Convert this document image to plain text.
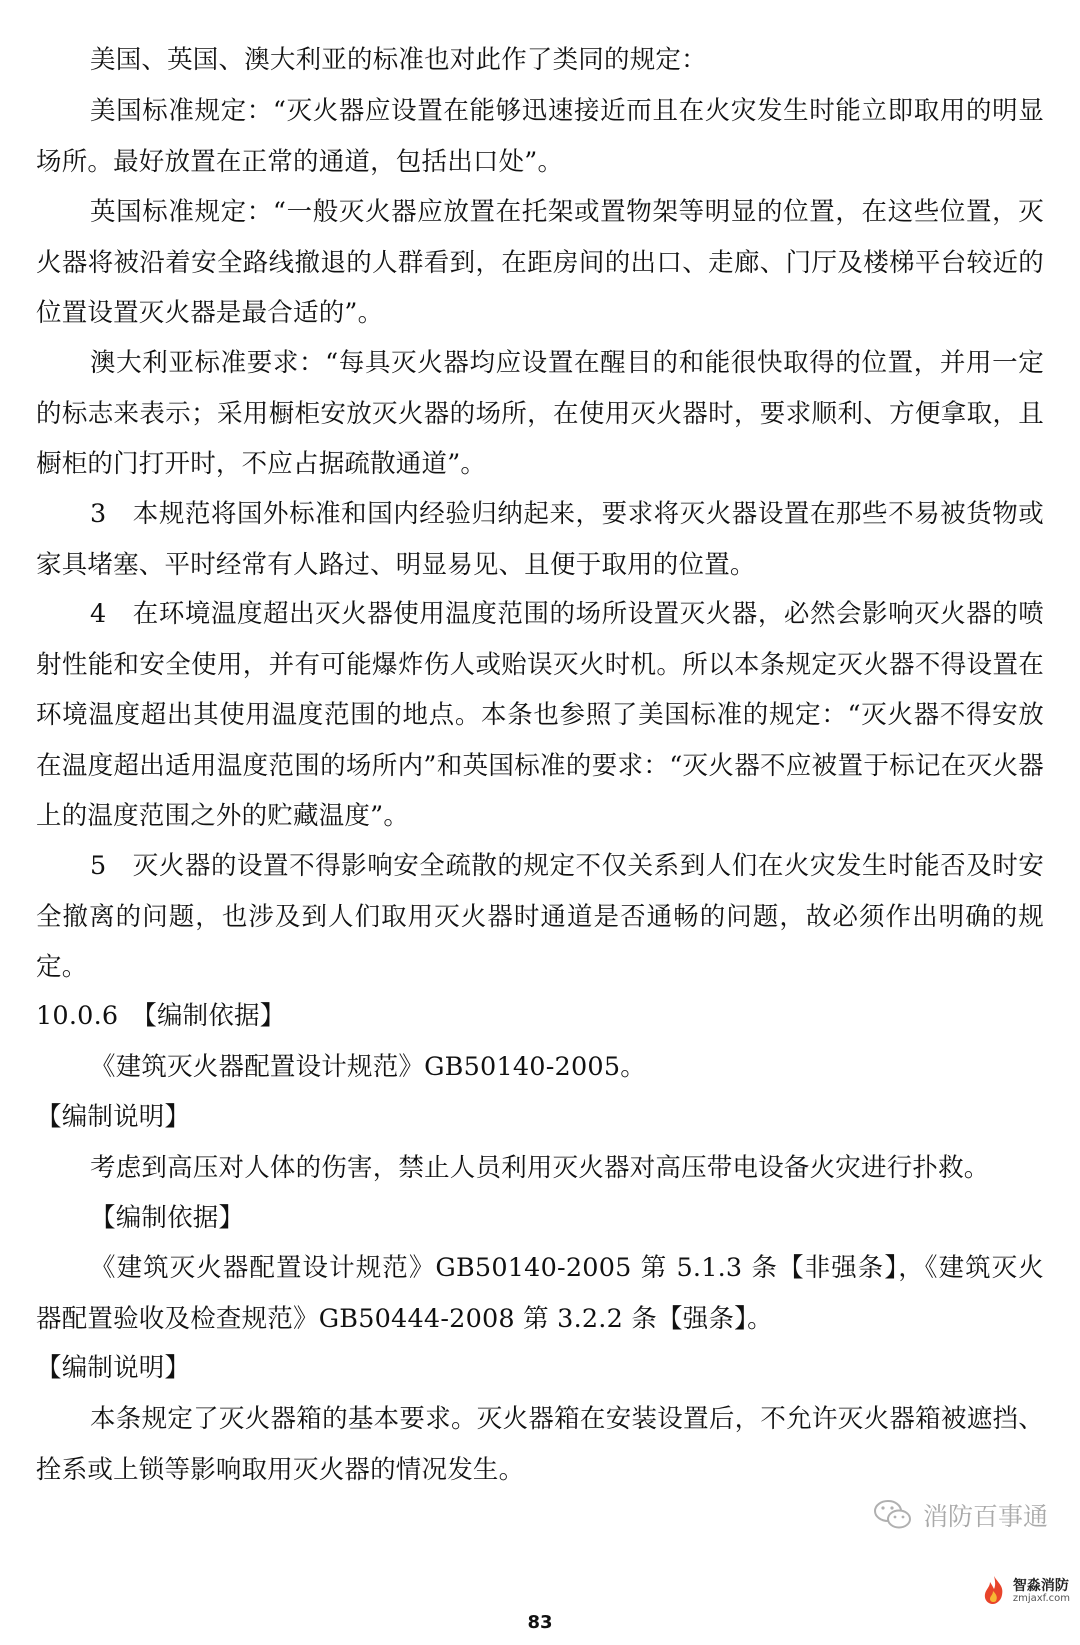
美国、英国、澳大利亚的标准也对此作了类同的规定：

美国标准规定：“灭火器应设置在能够迅速接近而且在火灾发生时能立即取用的明显场所。最好放置在正常的通道，包括出口处”。

英国标准规定：“一般灭火器应放置在托架或置物架等明显的位置，在这些位置，灭火器将被沿着安全路线撤退的人群看到，在距房间的出口、走廊、门厅及楼梯平台较近的位置设置灭火器是最合适的”。

澳大利亚标准要求：“每具灭火器均应设置在醒目的和能很快取得的位置，并用一定的标志来表示；采用橱柜安放灭火器的场所，在使用灭火器时，要求顺利、方便拿取，且橱柜的门打开时，不应占据疏散通道”。

3　本规范将国外标准和国内经验归纳起来，要求将灭火器设置在那些不易被货物或家具堵塞、平时经常有人路过、明显易见、且便于取用的位置。

4　在环境温度超出灭火器使用温度范围的场所设置灭火器，必然会影响灭火器的喷射性能和安全使用，并有可能爆炸伤人或贻误灭火时机。所以本条规定灭火器不得设置在环境温度超出其使用温度范围的地点。本条也参照了美国标准的规定：“灭火器不得安放在温度超出适用温度范围的场所内”和英国标准的要求：“灭火器不应被置于标记在灭火器上的温度范围之外的贮藏温度”。

5　灭火器的设置不得影响安全疏散的规定不仅关系到人们在火灾发生时能否及时安全撤离的问题，也涉及到人们取用灭火器时通道是否通畅的问题，故必须作出明确的规定。

10.0.6　【编制依据】

《建筑灭火器配置设计规范》GB50140-2005。

【编制说明】

考虑到高压对人体的伤害，禁止人员利用灭火器对高压带电设备火灾进行扑救。

【编制依据】

《建筑灭火器配置设计规范》GB50140-2005 第 5.1.3 条【非强条】，《建筑灭火器配置验收及检查规范》GB50444-2008 第 3.2.2 条【强条】。

【编制说明】

本条规定了灭火器箱的基本要求。灭火器箱在安装设置后，不允许灭火器箱被遮挡、拴系或上锁等影响取用灭火器的情况发生。

消防百事通
智淼消防
zmjaxf.com
83
